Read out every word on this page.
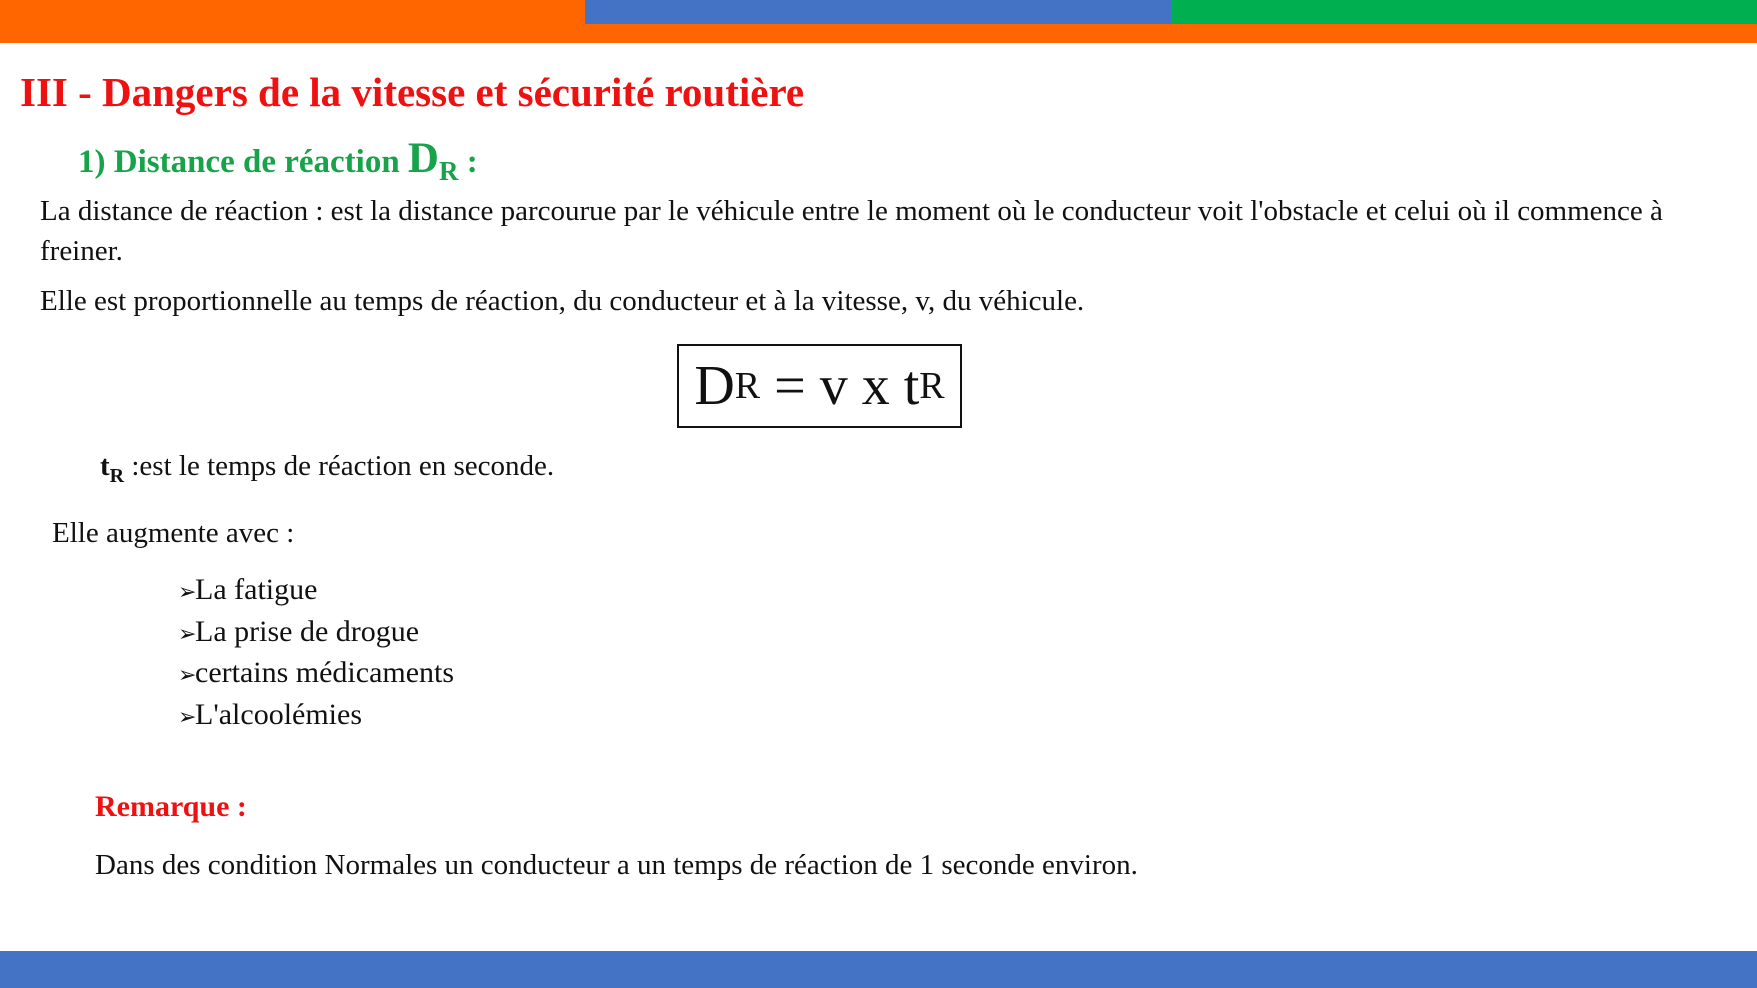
III - Dangers de la vitesse et sécurité routière
1) Distance de réaction $D_R$ :

La distance de réaction : est la distance parcourue par le véhicule entre le moment où le conducteur voit l'obstacle et celui où il commence à freiner.

Elle est proportionnelle au temps de réaction, du conducteur et à la vitesse, v, du véhicule.

D R = v x t R

$t_R$ :est le temps de réaction en seconde.

Elle augmente avec :

➢
La fatigue
➢
La prise de drogue
➢
certains médicaments
➢
L'alcoolémies

Remarque :

Dans des condition Normales un conducteur a un temps de réaction de 1 seconde environ.
